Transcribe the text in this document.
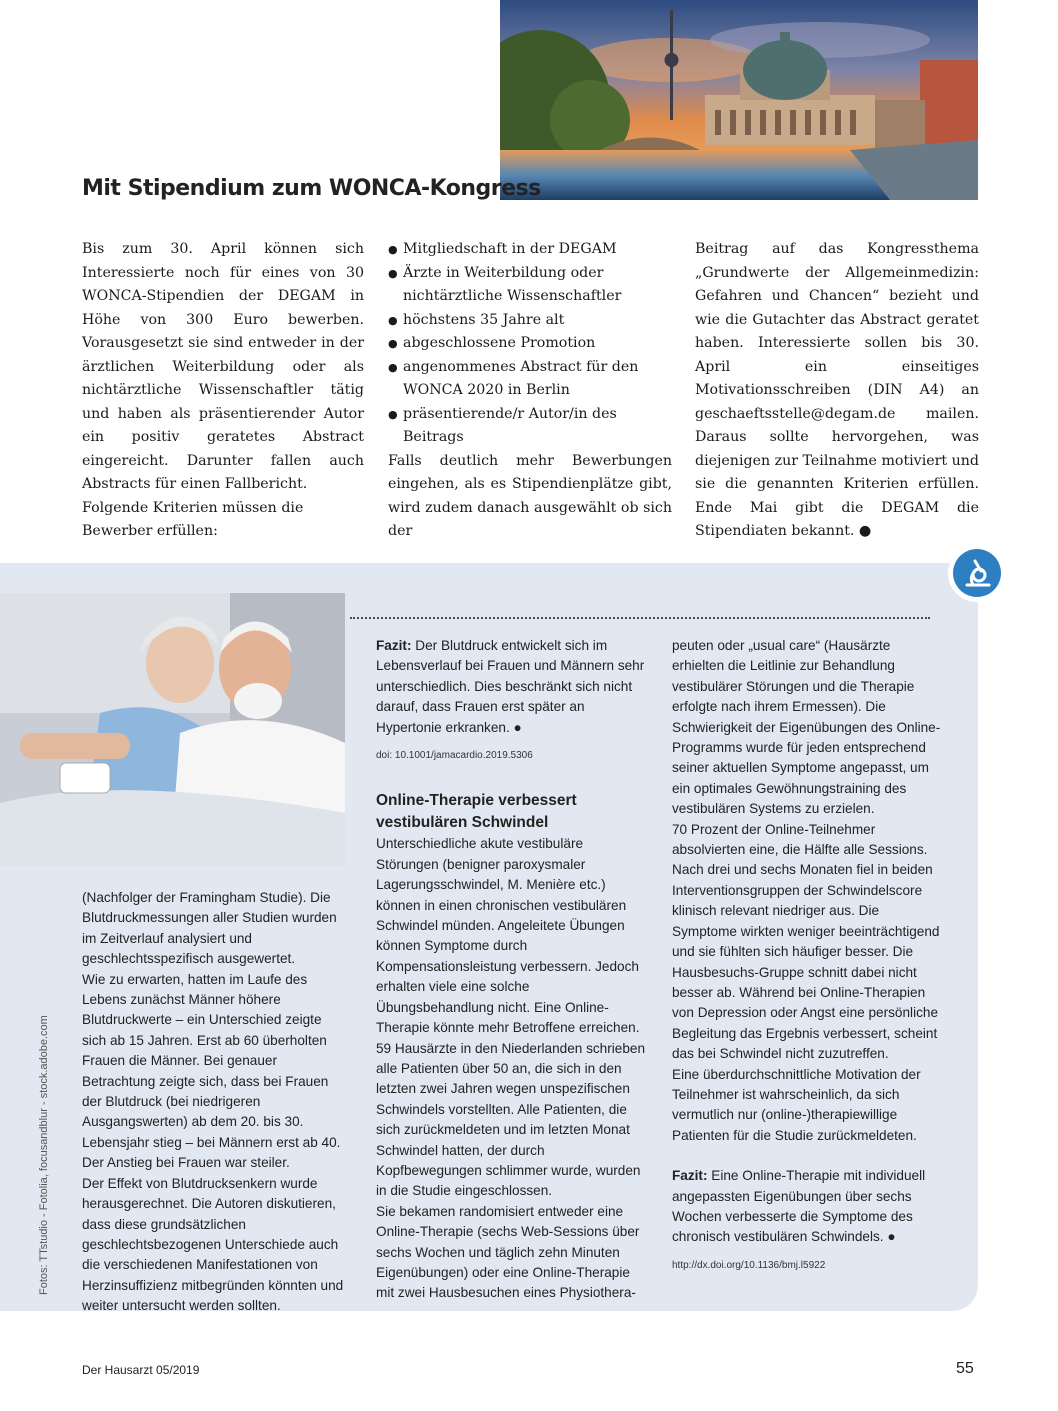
Mit Stipendium zum WONCA-Kongress

Bis zum 30. April können sich Interessierte noch für eines von 30 WONCA-Stipendien der DEGAM in Höhe von 300 Euro bewerben. Vorausgesetzt sie sind entweder in der ärztlichen Weiterbildung oder als nichtärztliche Wissenschaftler tätig und haben als präsentierender Autor ein positiv geratetes Abstract eingereicht. Darunter fallen auch Abstracts für einen Fallbericht.

Folgende Kriterien müssen die Bewerber erfüllen:

● Mitgliedschaft in der DEGAM
● Ärzte in Weiterbildung oder nichtärztliche Wissenschaftler
● höchstens 35 Jahre alt
● abgeschlossene Promotion
● angenommenes Abstract für den WONCA 2020 in Berlin
● präsentierende/r Autor/in des Beitrags

Falls deutlich mehr Bewerbungen eingehen, als es Stipendienplätze gibt, wird zudem danach ausgewählt ob sich der

Beitrag auf das Kongressthema „Grundwerte der Allgemeinmedizin: Gefahren und Chancen“ bezieht und wie die Gutachter das Abstract geratet haben. Interessierte sollen bis 30. April ein einseitiges Motivationsschreiben (DIN A4) an geschaeftsstelle@degam.de mailen. Daraus sollte hervorgehen, was diejenigen zur Teilnahme motiviert und sie die genannten Kriterien erfüllen. Ende Mai gibt die DEGAM die Stipendiaten bekannt. ●

(Nachfolger der Framingham Studie). Die Blutdruckmessungen aller Studien wurden im Zeitverlauf analysiert und geschlechtsspezifisch ausgewertet.

Wie zu erwarten, hatten im Laufe des Lebens zunächst Männer höhere Blutdruckwerte – ein Unterschied zeigte sich ab 15 Jahren. Erst ab 60 überholten Frauen die Männer. Bei genauer Betrachtung zeigte sich, dass bei Frauen der Blutdruck (bei niedrigeren Ausgangswerten) ab dem 20. bis 30. Lebensjahr stieg – bei Männern erst ab 40. Der Anstieg bei Frauen war steiler.

Der Effekt von Blutdrucksenkern wurde herausgerechnet. Die Autoren diskutieren, dass diese grundsätzlichen geschlechtsbezogenen Unterschiede auch die verschiedenen Manifestationen von Herzinsuffizienz mitbegründen könnten und weiter untersucht werden sollten.

Fazit: Der Blutdruck entwickelt sich im Lebensverlauf bei Frauen und Männern sehr unterschiedlich. Dies beschränkt sich nicht darauf, dass Frauen erst später an Hypertonie erkranken. ●

doi: 10.1001/jamacardio.2019.5306

Online-Therapie verbessert vestibulären Schwindel

Unterschiedliche akute vestibuläre Störungen (benigner paroxysmaler Lagerungsschwindel, M. Menière etc.) können in einen chronischen vestibulären Schwindel münden. Angeleitete Übungen können Symptome durch Kompensationsleistung verbessern. Jedoch erhalten viele eine solche Übungsbehandlung nicht. Eine Online-Therapie könnte mehr Betroffene erreichen.

59 Hausärzte in den Niederlanden schrieben alle Patienten über 50 an, die sich in den letzten zwei Jahren wegen unspezifischen Schwindels vorstellten. Alle Patienten, die sich zurückmeldeten und im letzten Monat Schwindel hatten, der durch Kopfbewegungen schlimmer wurde, wurden in die Studie eingeschlossen.

Sie bekamen randomisiert entweder eine Online-Therapie (sechs Web-Sessions über sechs Wochen und täglich zehn Minuten Eigenübungen) oder eine Online-Therapie mit zwei Hausbesuchen eines Physiothera-

peuten oder „usual care“ (Hausärzte erhielten die Leitlinie zur Behandlung vestibulärer Störungen und die Therapie erfolgte nach ihrem Ermessen). Die Schwierigkeit der Eigenübungen des Online-Programms wurde für jeden entsprechend seiner aktuellen Symptome angepasst, um ein optimales Gewöhnungstraining des vestibulären Systems zu erzielen.

70 Prozent der Online-Teilnehmer absolvierten eine, die Hälfte alle Sessions.

Nach drei und sechs Monaten fiel in beiden Interventionsgruppen der Schwindelscore klinisch relevant niedriger aus. Die Symptome wirkten weniger beeinträchtigend und sie fühlten sich häufiger besser. Die Hausbesuchs-Gruppe schnitt dabei nicht besser ab. Während bei Online-Therapien von Depression oder Angst eine persönliche Begleitung das Ergebnis verbessert, scheint das bei Schwindel nicht zuzutreffen.

Eine überdurchschnittliche Motivation der Teilnehmer ist wahrscheinlich, da sich vermutlich nur (online-)therapiewillige Patienten für die Studie zurückmeldeten.

Fazit: Eine Online-Therapie mit individuell angepassten Eigenübungen über sechs Wochen verbesserte die Symptome des chronisch vestibulären Schwindels. ●

http://dx.doi.org/10.1136/bmj.l5922

Fotos: TTstudio - Fotolia, focusandblur - stock.adobe.com
Der Hausarzt 05/2019	55
